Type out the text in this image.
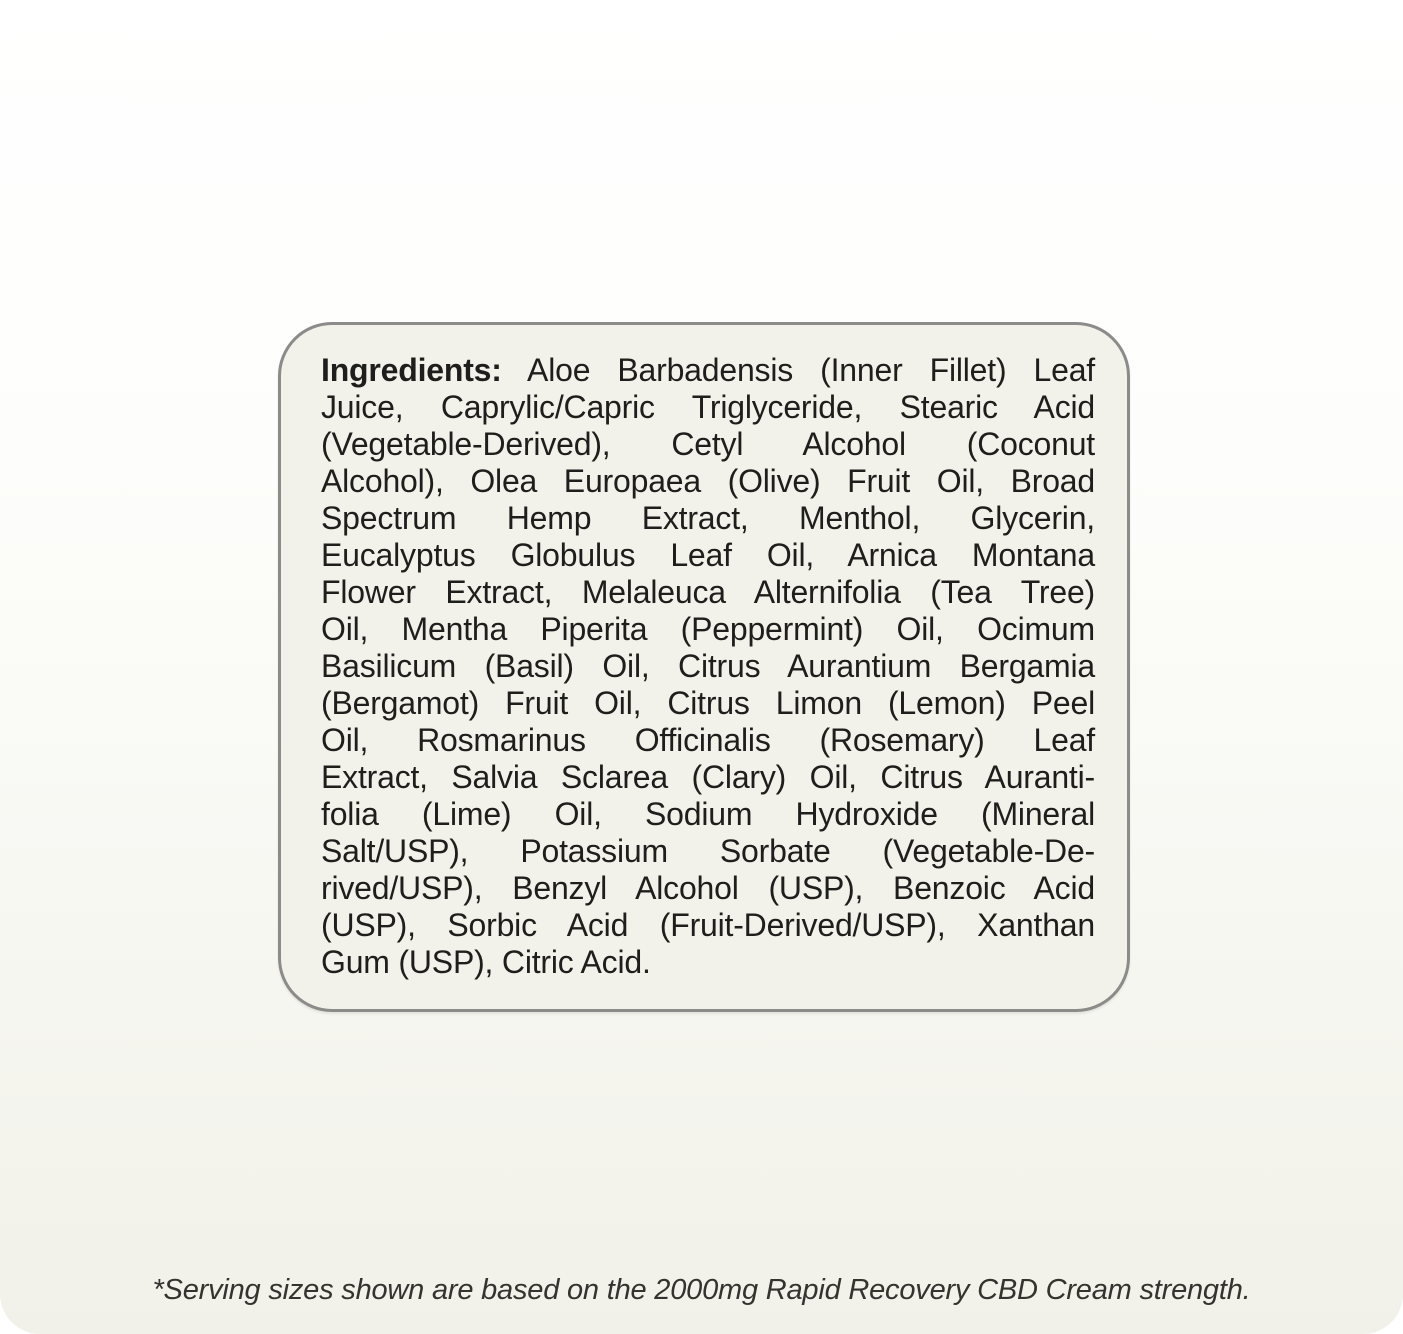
Ingredients: Aloe Barbadensis (Inner Fillet) Leaf
Juice, Caprylic/Capric Triglyceride, Stearic Acid
(Vegetable-Derived), Cetyl Alcohol (Coconut
Alcohol), Olea Europaea (Olive) Fruit Oil, Broad
Spectrum Hemp Extract, Menthol, Glycerin,
Eucalyptus Globulus Leaf Oil, Arnica Montana
Flower Extract, Melaleuca Alternifolia (Tea Tree)
Oil, Mentha Piperita (Peppermint) Oil, Ocimum
Basilicum (Basil) Oil, Citrus Aurantium Bergamia
(Bergamot) Fruit Oil, Citrus Limon (Lemon) Peel
Oil, Rosmarinus Officinalis (Rosemary) Leaf
Extract, Salvia Sclarea (Clary) Oil, Citrus Auranti-
folia (Lime) Oil, Sodium Hydroxide (Mineral
Salt/USP), Potassium Sorbate (Vegetable-De-
rived/USP), Benzyl Alcohol (USP), Benzoic Acid
(USP), Sorbic Acid (Fruit-Derived/USP), Xanthan
Gum (USP), Citric Acid.
*Serving sizes shown are based on the 2000mg Rapid Recovery CBD Cream strength.
